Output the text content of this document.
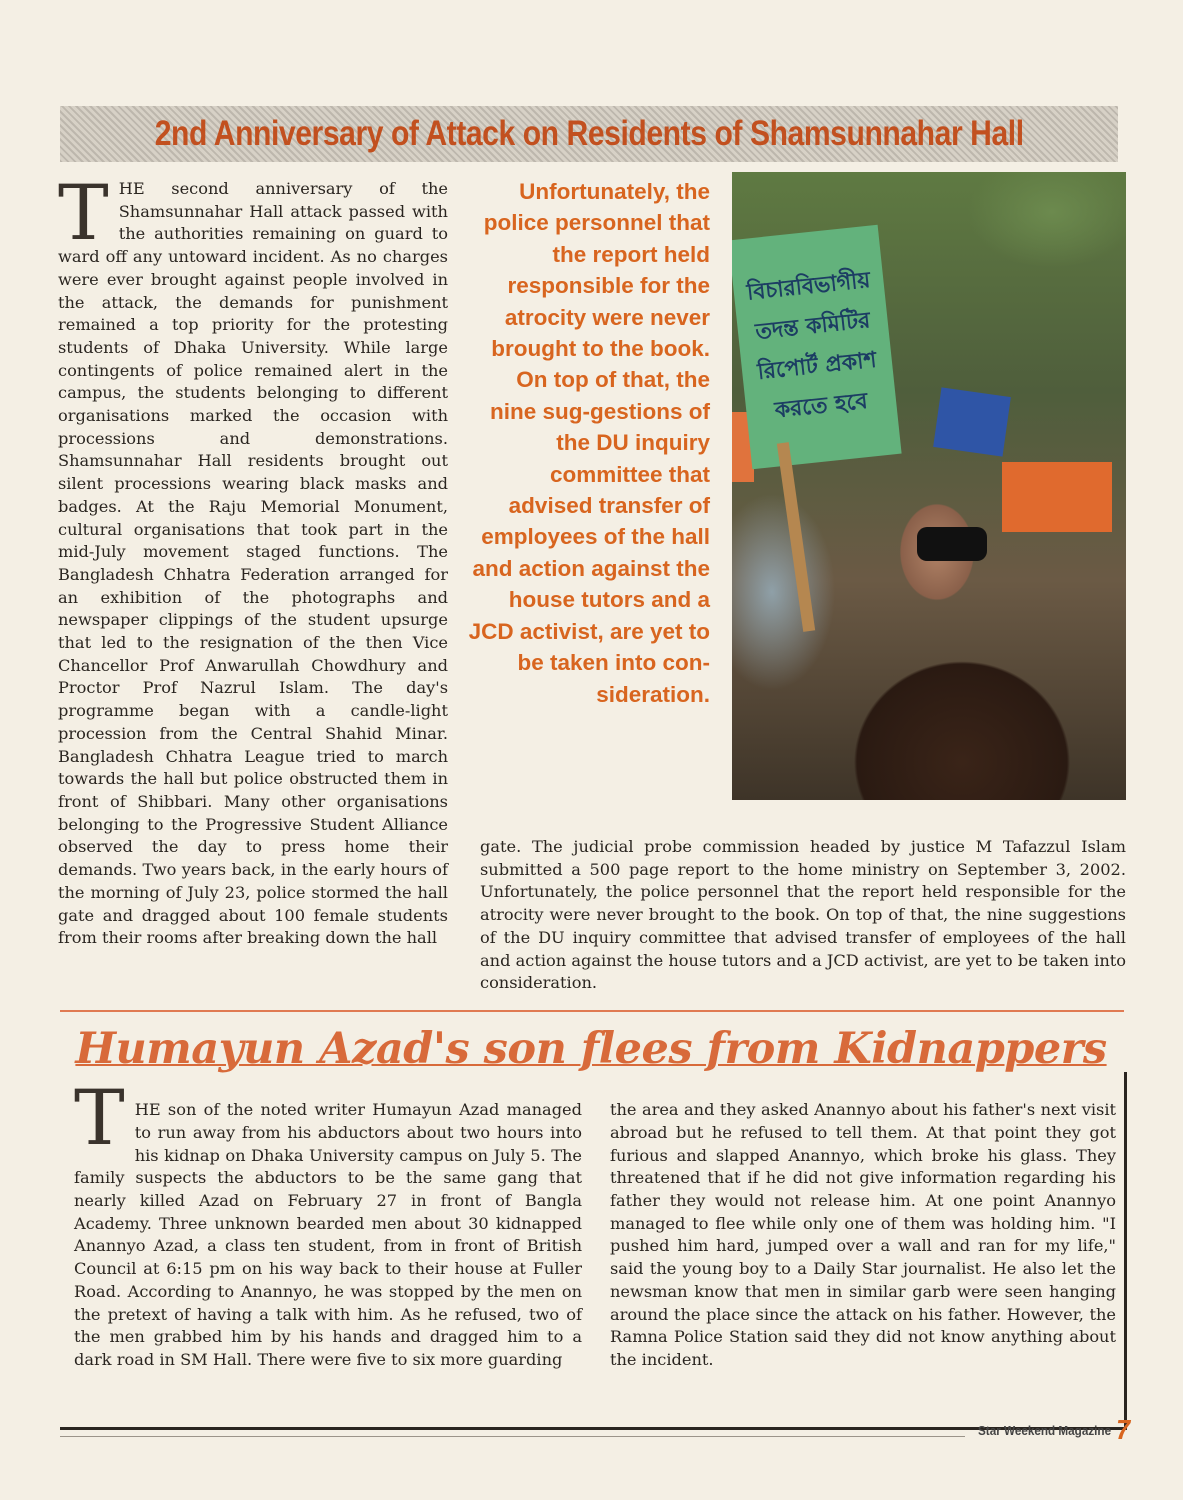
2nd Anniversary of Attack on Residents of Shamsunnahar Hall
T HE second anniversary of the Shamsunnahar Hall attack passed with the authorities remaining on guard to ward off any untoward incident. As no charges were ever brought against people involved in the attack, the demands for punishment remained a top priority for the protesting students of Dhaka University. While large contingents of police remained alert in the campus, the students belonging to different organisations marked the occasion with processions and demonstrations. Shamsunnahar Hall residents brought out silent processions wearing black masks and badges. At the Raju Memorial Monument, cultural organisations that took part in the mid-July movement staged functions. The Bangladesh Chhatra Federation arranged for an exhibition of the photographs and newspaper clippings of the student upsurge that led to the resignation of the then Vice Chancellor Prof Anwarullah Chowdhury and Proctor Prof Nazrul Islam. The day's programme began with a candle-light procession from the Central Shahid Minar. Bangladesh Chhatra League tried to march towards the hall but police obstructed them in front of Shibbari. Many other organisations belonging to the Progressive Student Alliance observed the day to press home their demands. Two years back, in the early hours of the morning of July 23, police stormed the hall gate and dragged about 100 female students from their rooms after breaking down the hall

Unfortunately, the police personnel that the report held responsible for the atrocity were never brought to the book. On top of that, the nine sug-gestions of the DU inquiry committee that advised transfer of employees of the hall and action against the house tutors and a JCD activist, are yet to be taken into con-sideration.
বিচারবিভাগীয় তদন্ত কমিটির রিপোর্ট প্রকাশ করতে হবে

gate. The judicial probe commission headed by justice M Tafazzul Islam submitted a 500 page report to the home ministry on September 3, 2002. Unfortunately, the police personnel that the report held responsible for the atrocity were never brought to the book. On top of that, the nine suggestions of the DU inquiry committee that advised transfer of employees of the hall and action against the house tutors and a JCD activist, are yet to be taken into consideration.

Humayun Azad's son flees from Kidnappers
T HE son of the noted writer Humayun Azad managed to run away from his abductors about two hours into his kidnap on Dhaka University campus on July 5. The family suspects the abductors to be the same gang that nearly killed Azad on February 27 in front of Bangla Academy. Three unknown bearded men about 30 kidnapped Anannyo Azad, a class ten student, from in front of British Council at 6:15 pm on his way back to their house at Fuller Road. According to Anannyo, he was stopped by the men on the pretext of having a talk with him. As he refused, two of the men grabbed him by his hands and dragged him to a dark road in SM Hall. There were five to six more guarding

the area and they asked Anannyo about his father's next visit abroad but he refused to tell them. At that point they got furious and slapped Anannyo, which broke his glass. They threatened that if he did not give information regarding his father they would not release him. At one point Anannyo managed to flee while only one of them was holding him. "I pushed him hard, jumped over a wall and ran for my life," said the young boy to a Daily Star journalist. He also let the newsman know that men in similar garb were seen hanging around the place since the attack on his father. However, the Ramna Police Station said they did not know anything about the incident.

Star Weekend Magazine 7
